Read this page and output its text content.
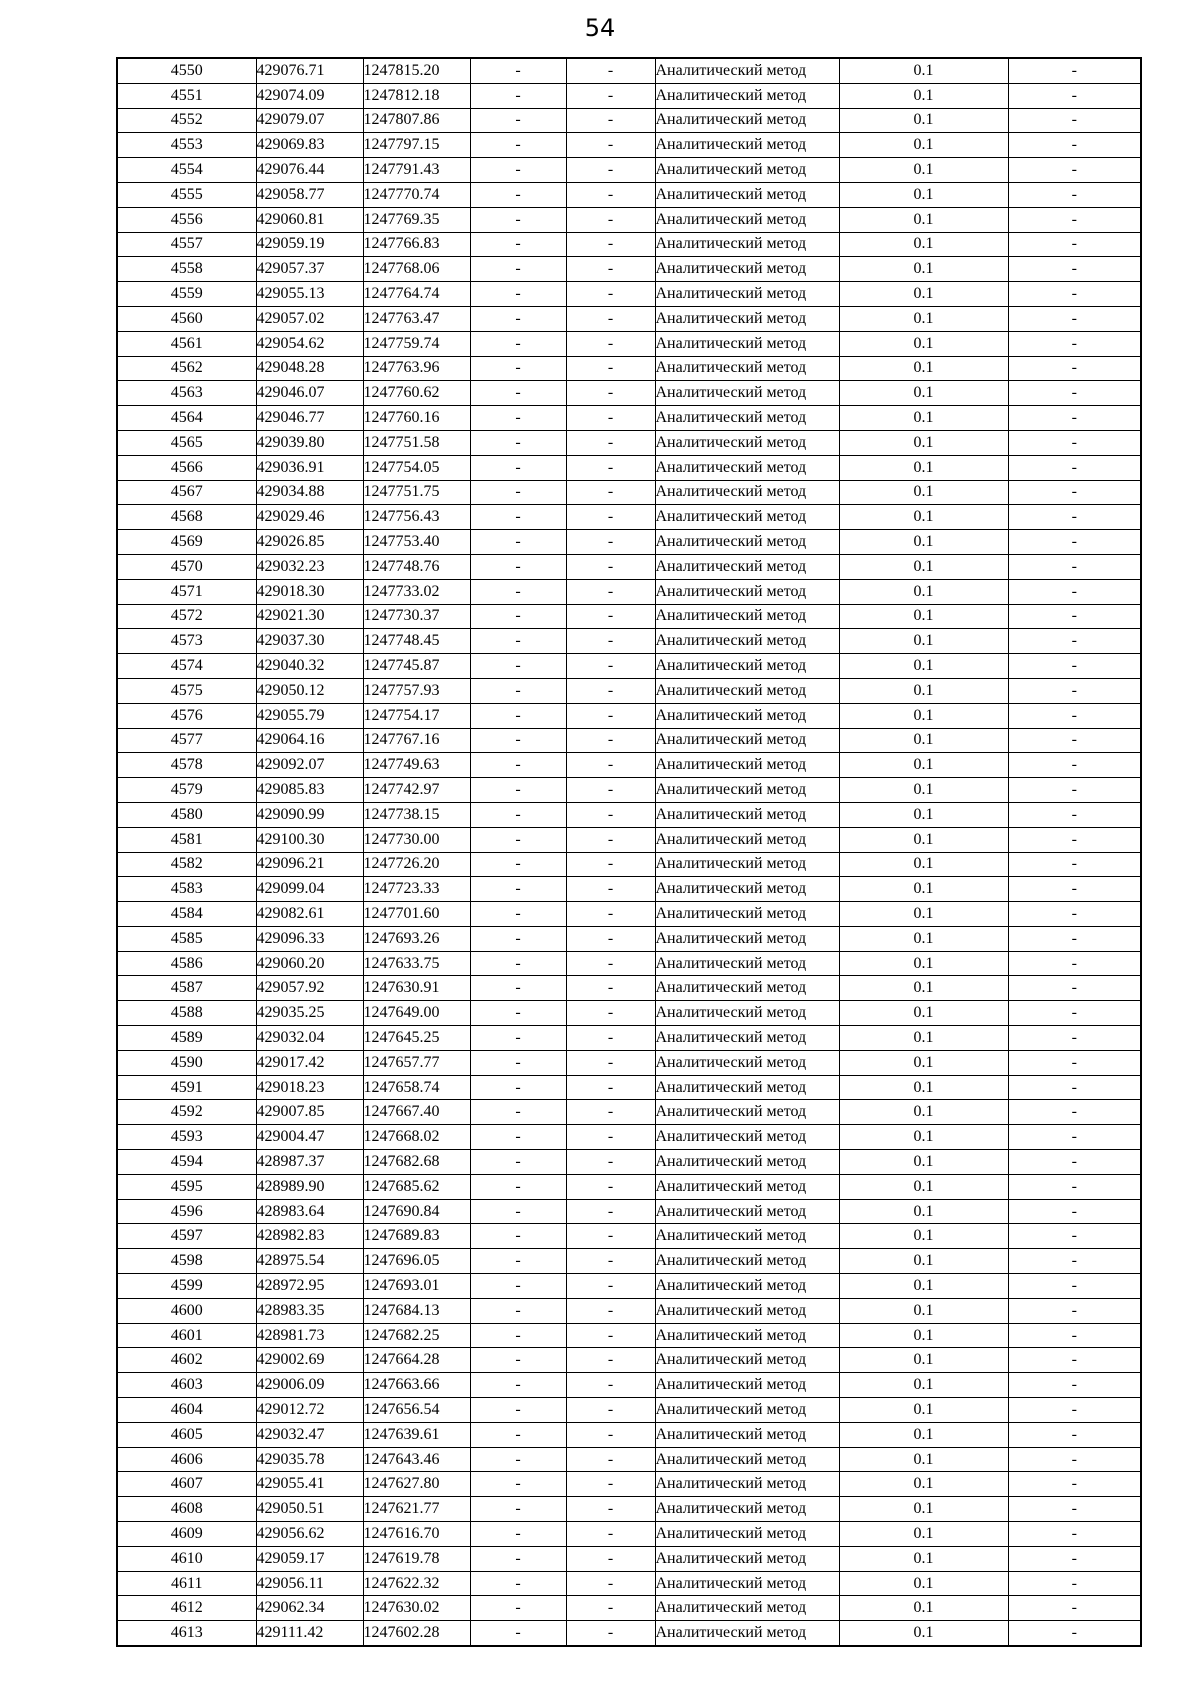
54
4550	429076.71	1247815.20	-	-	Аналитический метод	0.1	-
4551	429074.09	1247812.18	-	-	Аналитический метод	0.1	-
4552	429079.07	1247807.86	-	-	Аналитический метод	0.1	-
4553	429069.83	1247797.15	-	-	Аналитический метод	0.1	-
4554	429076.44	1247791.43	-	-	Аналитический метод	0.1	-
4555	429058.77	1247770.74	-	-	Аналитический метод	0.1	-
4556	429060.81	1247769.35	-	-	Аналитический метод	0.1	-
4557	429059.19	1247766.83	-	-	Аналитический метод	0.1	-
4558	429057.37	1247768.06	-	-	Аналитический метод	0.1	-
4559	429055.13	1247764.74	-	-	Аналитический метод	0.1	-
4560	429057.02	1247763.47	-	-	Аналитический метод	0.1	-
4561	429054.62	1247759.74	-	-	Аналитический метод	0.1	-
4562	429048.28	1247763.96	-	-	Аналитический метод	0.1	-
4563	429046.07	1247760.62	-	-	Аналитический метод	0.1	-
4564	429046.77	1247760.16	-	-	Аналитический метод	0.1	-
4565	429039.80	1247751.58	-	-	Аналитический метод	0.1	-
4566	429036.91	1247754.05	-	-	Аналитический метод	0.1	-
4567	429034.88	1247751.75	-	-	Аналитический метод	0.1	-
4568	429029.46	1247756.43	-	-	Аналитический метод	0.1	-
4569	429026.85	1247753.40	-	-	Аналитический метод	0.1	-
4570	429032.23	1247748.76	-	-	Аналитический метод	0.1	-
4571	429018.30	1247733.02	-	-	Аналитический метод	0.1	-
4572	429021.30	1247730.37	-	-	Аналитический метод	0.1	-
4573	429037.30	1247748.45	-	-	Аналитический метод	0.1	-
4574	429040.32	1247745.87	-	-	Аналитический метод	0.1	-
4575	429050.12	1247757.93	-	-	Аналитический метод	0.1	-
4576	429055.79	1247754.17	-	-	Аналитический метод	0.1	-
4577	429064.16	1247767.16	-	-	Аналитический метод	0.1	-
4578	429092.07	1247749.63	-	-	Аналитический метод	0.1	-
4579	429085.83	1247742.97	-	-	Аналитический метод	0.1	-
4580	429090.99	1247738.15	-	-	Аналитический метод	0.1	-
4581	429100.30	1247730.00	-	-	Аналитический метод	0.1	-
4582	429096.21	1247726.20	-	-	Аналитический метод	0.1	-
4583	429099.04	1247723.33	-	-	Аналитический метод	0.1	-
4584	429082.61	1247701.60	-	-	Аналитический метод	0.1	-
4585	429096.33	1247693.26	-	-	Аналитический метод	0.1	-
4586	429060.20	1247633.75	-	-	Аналитический метод	0.1	-
4587	429057.92	1247630.91	-	-	Аналитический метод	0.1	-
4588	429035.25	1247649.00	-	-	Аналитический метод	0.1	-
4589	429032.04	1247645.25	-	-	Аналитический метод	0.1	-
4590	429017.42	1247657.77	-	-	Аналитический метод	0.1	-
4591	429018.23	1247658.74	-	-	Аналитический метод	0.1	-
4592	429007.85	1247667.40	-	-	Аналитический метод	0.1	-
4593	429004.47	1247668.02	-	-	Аналитический метод	0.1	-
4594	428987.37	1247682.68	-	-	Аналитический метод	0.1	-
4595	428989.90	1247685.62	-	-	Аналитический метод	0.1	-
4596	428983.64	1247690.84	-	-	Аналитический метод	0.1	-
4597	428982.83	1247689.83	-	-	Аналитический метод	0.1	-
4598	428975.54	1247696.05	-	-	Аналитический метод	0.1	-
4599	428972.95	1247693.01	-	-	Аналитический метод	0.1	-
4600	428983.35	1247684.13	-	-	Аналитический метод	0.1	-
4601	428981.73	1247682.25	-	-	Аналитический метод	0.1	-
4602	429002.69	1247664.28	-	-	Аналитический метод	0.1	-
4603	429006.09	1247663.66	-	-	Аналитический метод	0.1	-
4604	429012.72	1247656.54	-	-	Аналитический метод	0.1	-
4605	429032.47	1247639.61	-	-	Аналитический метод	0.1	-
4606	429035.78	1247643.46	-	-	Аналитический метод	0.1	-
4607	429055.41	1247627.80	-	-	Аналитический метод	0.1	-
4608	429050.51	1247621.77	-	-	Аналитический метод	0.1	-
4609	429056.62	1247616.70	-	-	Аналитический метод	0.1	-
4610	429059.17	1247619.78	-	-	Аналитический метод	0.1	-
4611	429056.11	1247622.32	-	-	Аналитический метод	0.1	-
4612	429062.34	1247630.02	-	-	Аналитический метод	0.1	-
4613	429111.42	1247602.28	-	-	Аналитический метод	0.1	-
